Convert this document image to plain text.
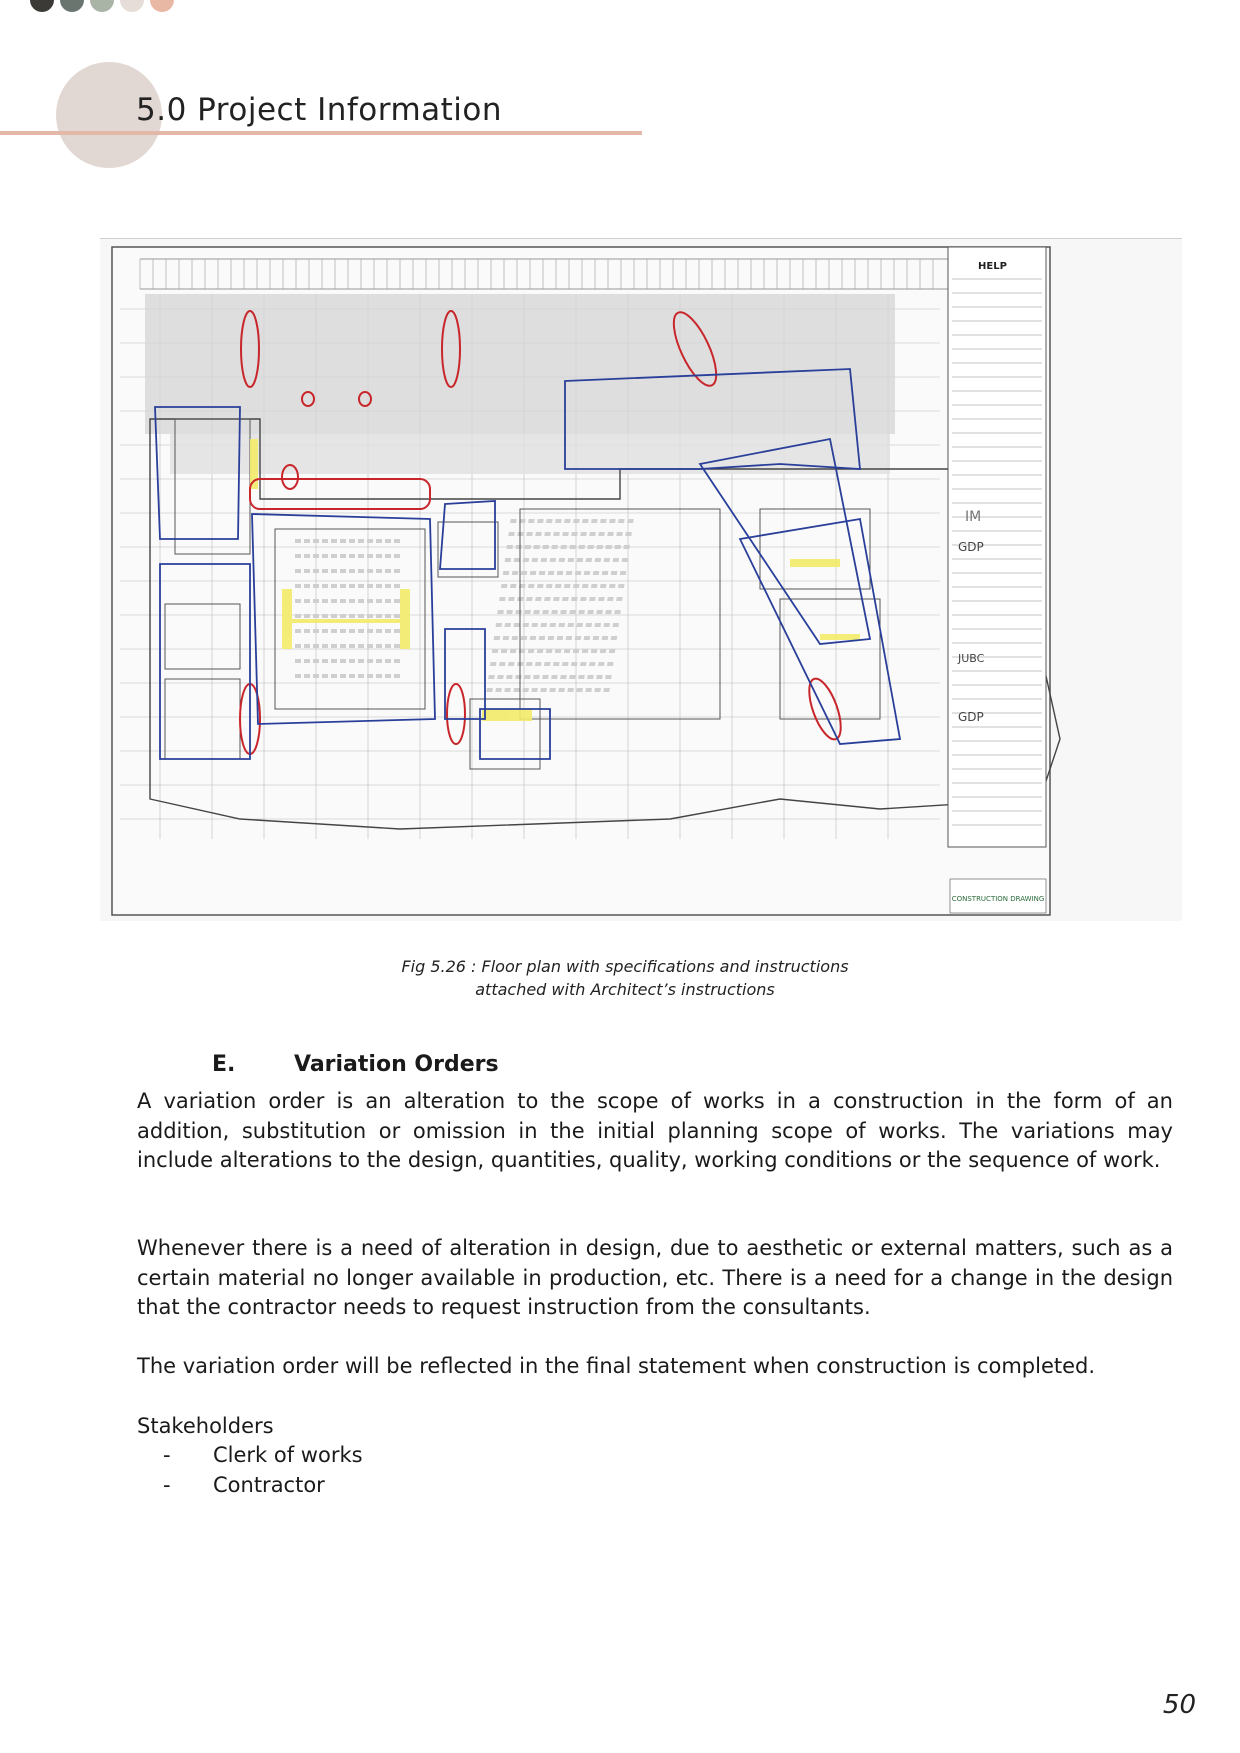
5.0 Project Information
HELP
IM
GDP
JUBC
GDP
CONSTRUCTION DRAWING
Fig 5.26 : Floor plan with specifications and instructions
attached with Architect’s instructions
E.	Variation Orders
A variation order is an alteration to the scope of works in a construction in the form of an addition, substitution or omission in the initial planning scope of works. The variations may include alterations to the design, quantities, quality, working conditions or the sequence of work.
Whenever there is a need of alteration in design, due to aesthetic or external matters, such as a certain material no longer available in production, etc. There is a need for a change in the design that the contractor needs to request instruction from the consultants.
The variation order will be reflected in the final statement when construction is completed.
Stakeholders
-	Clerk of works
-	Contractor
50
